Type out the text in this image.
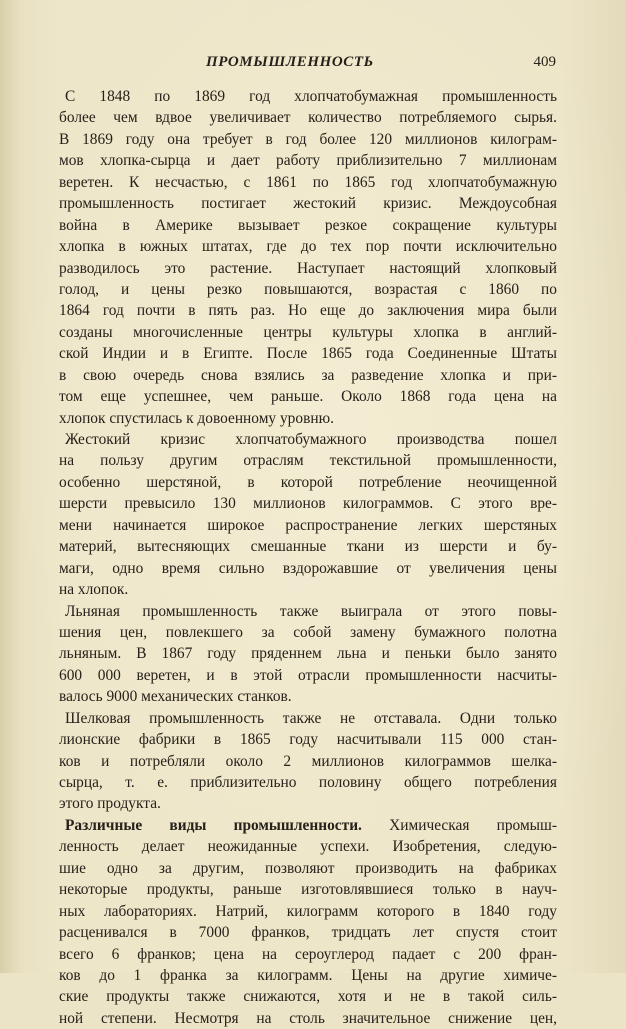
ПРОМЫШЛЕННОСТЬ	409

С 1848 по 1869 год хлопчатобумажная промышленность
более чем вдвое увеличивает количество потребляемого сырья.
В 1869 году она требует в год более 120 миллионов килограм-
мов хлопка-сырца и дает работу приблизительно 7 миллионам
веретен. К несчастью, с 1861 по 1865 год хлопчатобумажную
промышленность постигает жестокий кризис. Междоусобная
война в Америке вызывает резкое сокращение культуры
хлопка в южных штатах, где до тех пор почти исключительно
разводилось это растение. Наступает настоящий хлопковый
голод, и цены резко повышаются, возрастая с 1860 по
1864 год почти в пять раз. Но еще до заключения мира были
созданы многочисленные центры культуры хлопка в англий-
ской Индии и в Египте. После 1865 года Соединенные Штаты
в свою очередь снова взялись за разведение хлопка и при-
том еще успешнее, чем раньше. Около 1868 года цена на
хлопок спустилась к довоенному уровню.

Жестокий кризис хлопчатобумажного производства пошел
на пользу другим отраслям текстильной промышленности,
особенно шерстяной, в которой потребление неочищенной
шерсти превысило 130 миллионов килограммов. С этого вре-
мени начинается широкое распространение легких шерстяных
материй, вытесняющих смешанные ткани из шерсти и бу-
маги, одно время сильно вздорожавшие от увеличения цены
на хлопок.

Льняная промышленность также выиграла от этого повы-
шения цен, повлекшего за собой замену бумажного полотна
льняным. В 1867 году пряденнем льна и пеньки было занято
600 000 веретен, и в этой отрасли промышленности насчиты-
валось 9000 механических станков.

Шелковая промышленность также не отставала. Одни только
лионские фабрики в 1865 году насчитывали 115 000 стан-
ков и потребляли около 2 миллионов килограммов шелка-
сырца, т. е. приблизительно половину общего потребления
этого продукта.

Различные виды промышленности. Химическая промыш-
ленность делает неожиданные успехи. Изобретения, следую-
шие одно за другим, позволяют производить на фабриках
некоторые продукты, раньше изготовлявшиеся только в науч-
ных лабораториях. Натрий, килограмм которого в 1840 году
расценивался в 7000 франков, тридцать лет спустя стоит
всего 6 франков; цена на сероуглерод падает с 200 фран-
ков до 1 франка за килограмм. Цены на другие химиче-
ские продукты также снижаются, хотя и не в такой силь-
ной степени. Несмотря на столь значительное снижение цен,
